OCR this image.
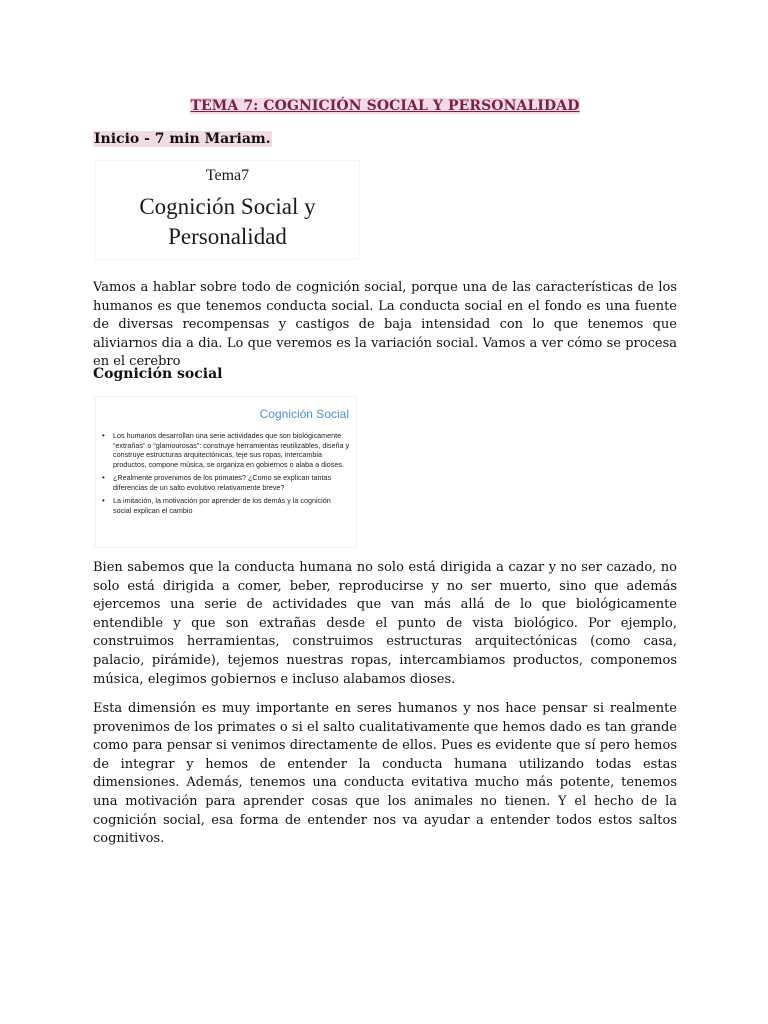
TEMA 7: COGNICIÓN SOCIAL Y PERSONALIDAD
Inicio - 7 min Mariam.
Tema7
Cognición Social y
Personalidad

Vamos a hablar sobre todo de cognición social, porque una de las características de los humanos es que tenemos conducta social. La conducta social en el fondo es una fuente de diversas recompensas y castigos de baja intensidad con lo que tenemos que aliviarnos dia a dia. Lo que veremos es la variación social. Vamos a ver cómo se procesa en el cerebro

Cognición social
Cognición Social
• Los humanos desarrollan una serie actividades que son biológicamente “extrañas” o “glamourosas”: construye herramientas reutilizables, diseña y construye estructuras arquitectónicas, teje sus ropas, intercambia productos, compone música, se organiza en gobiernos o alaba a dioses.
• ¿Realmente provenimos de los primates? ¿Como se explican tantas diferencias de un salto evolutivo relativamente breve?
• La imitación, la motivación por aprender de los demás y la cognición social explican el cambio

Bien sabemos que la conducta humana no solo está dirigida a cazar y no ser cazado, no solo está dirigida a comer, beber, reproducirse y no ser muerto, sino que además ejercemos una serie de actividades que van más allá de lo que biológicamente entendible y que son extrañas desde el punto de vista biológico. Por ejemplo, construimos herramientas, construimos estructuras arquitectónicas (como casa, palacio, pirámide), tejemos nuestras ropas, intercambiamos productos, componemos música, elegimos gobiernos e incluso alabamos dioses.

Esta dimensión es muy importante en seres humanos y nos hace pensar si realmente provenimos de los primates o si el salto cualitativamente que hemos dado es tan grande como para pensar si venimos directamente de ellos. Pues es evidente que sí pero hemos de integrar y hemos de entender la conducta humana utilizando todas estas dimensiones. Además, tenemos una conducta evitativa mucho más potente, tenemos una motivación para aprender cosas que los animales no tienen. Y el hecho de la cognición social, esa forma de entender nos va ayudar a entender todos estos saltos cognitivos.
